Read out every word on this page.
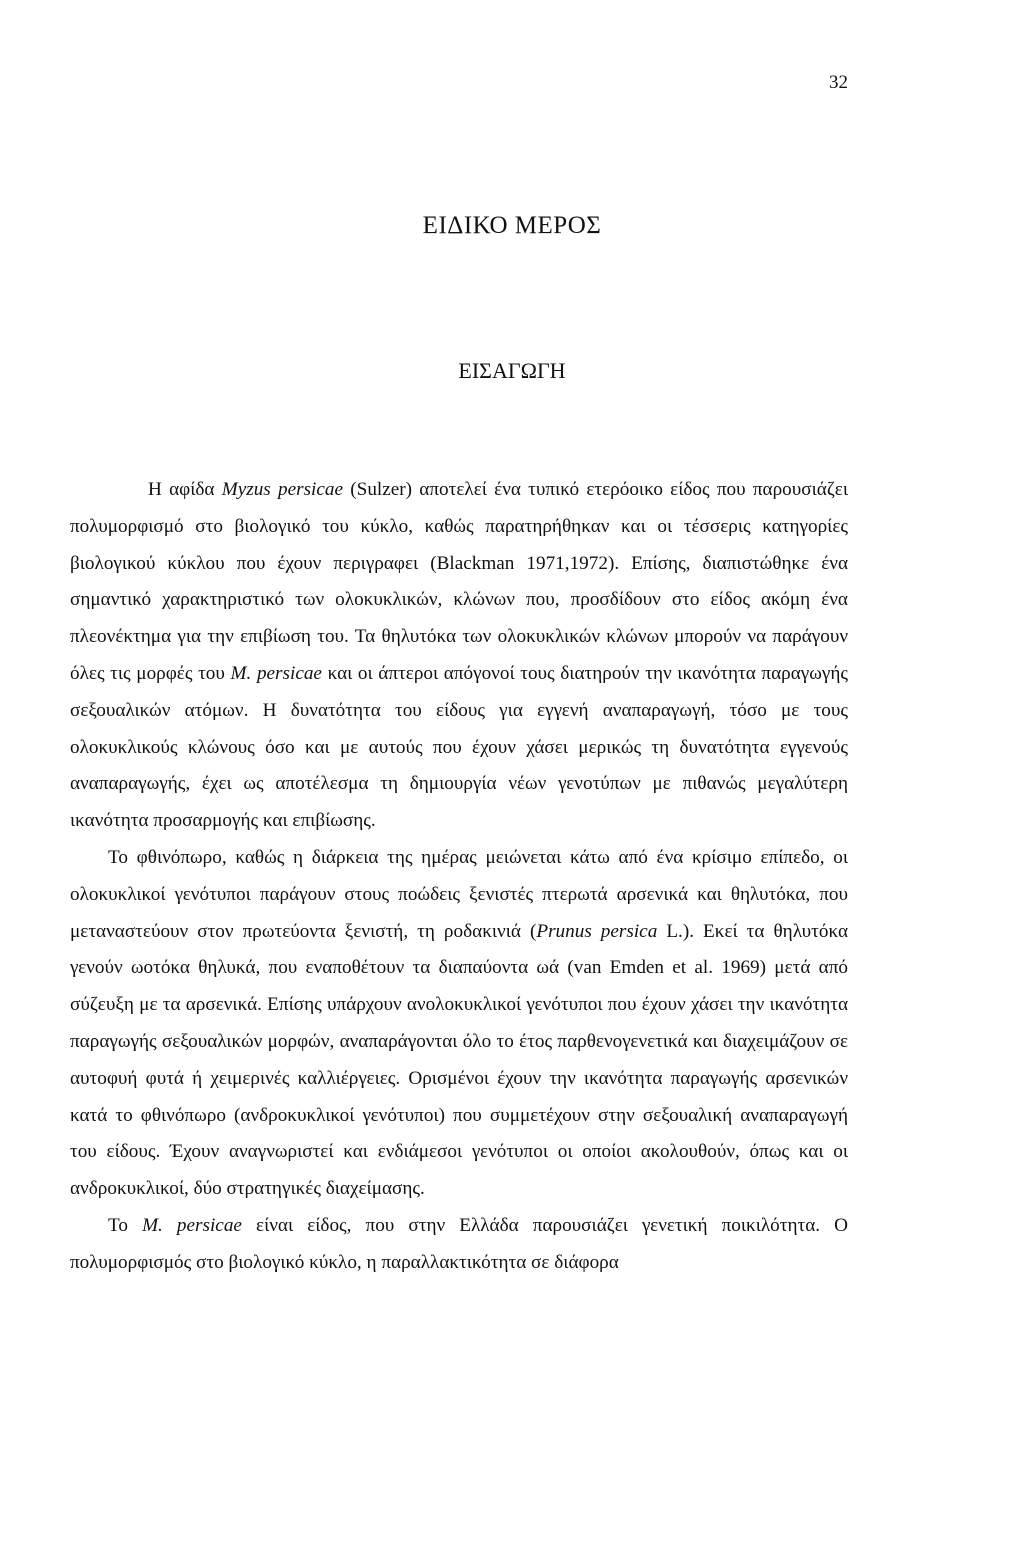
32
ΕΙΔΙΚΟ ΜΕΡΟΣ
ΕΙΣΑΓΩΓΗ

Η αφίδα Myzus persicae (Sulzer) αποτελεί ένα τυπικό ετερόοικο είδος που παρουσιάζει πολυμορφισμό στο βιολογικό του κύκλο, καθώς παρατηρήθηκαν και οι τέσσερις κατηγορίες βιολογικού κύκλου που έχουν περιγραφει (Blackman 1971,1972). Επίσης, διαπιστώθηκε ένα σημαντικό χαρακτηριστικό των ολοκυκλικών, κλώνων που, προσδίδουν στο είδος ακόμη ένα πλεονέκτημα για την επιβίωση του. Τα θηλυτόκα των ολοκυκλικών κλώνων μπορούν να παράγουν όλες τις μορφές του M. persicae και οι άπτεροι απόγονοί τους διατηρούν την ικανότητα παραγωγής σεξουαλικών ατόμων. Η δυνατότητα του είδους για εγγενή αναπαραγωγή, τόσο με τους ολοκυκλικούς κλώνους όσο και με αυτούς που έχουν χάσει μερικώς τη δυνατότητα εγγενούς αναπαραγωγής, έχει ως αποτέλεσμα τη δημιουργία νέων γενοτύπων με πιθανώς μεγαλύτερη ικανότητα προσαρμογής και επιβίωσης.

Το φθινόπωρο, καθώς η διάρκεια της ημέρας μειώνεται κάτω από ένα κρίσιμο επίπεδο, οι ολοκυκλικοί γενότυποι παράγουν στους ποώδεις ξενιστές πτερωτά αρσενικά και θηλυτόκα, που μεταναστεύουν στον πρωτεύοντα ξενιστή, τη ροδακινιά (Prunus persica L.). Εκεί τα θηλυτόκα γενούν ωοτόκα θηλυκά, που εναποθέτουν τα διαπαύοντα ωά (van Emden et al. 1969) μετά από σύζευξη με τα αρσενικά. Επίσης υπάρχουν ανολοκυκλικοί γενότυποι που έχουν χάσει την ικανότητα παραγωγής σεξουαλικών μορφών, αναπαράγονται όλο το έτος παρθενογενετικά και διαχειμάζουν σε αυτοφυή φυτά ή χειμερινές καλλιέργειες. Ορισμένοι έχουν την ικανότητα παραγωγής αρσενικών κατά το φθινόπωρο (ανδροκυκλικοί γενότυποι) που συμμετέχουν στην σεξουαλική αναπαραγωγή του είδους. Έχουν αναγνωριστεί και ενδιάμεσοι γενότυποι οι οποίοι ακολουθούν, όπως και οι ανδροκυκλικοί, δύο στρατηγικές διαχείμασης.

Το M. persicae είναι είδος, που στην Ελλάδα παρουσιάζει γενετική ποικιλότητα. Ο πολυμορφισμός στο βιολογικό κύκλο, η παραλλακτικότητα σε διάφορα
